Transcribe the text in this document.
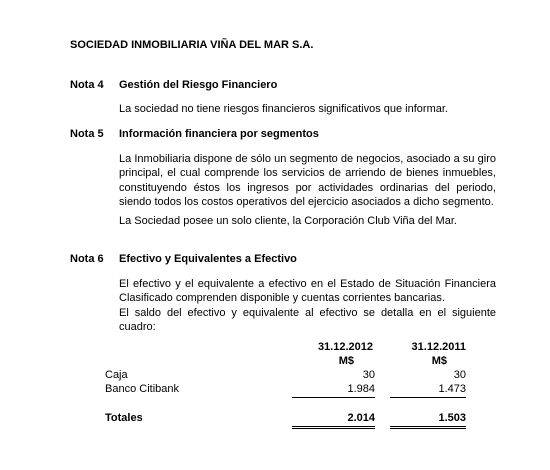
SOCIEDAD INMOBILIARIA VIÑA DEL MAR S.A.
Nota 4 Gestión del Riesgo Financiero
La sociedad no tiene riesgos financieros significativos que informar.
Nota 5 Información financiera por segmentos
La Inmobiliaria dispone de sólo un segmento de negocios, asociado a su giro
principal, el cual comprende los servicios de arriendo de bienes inmuebles,
constituyendo éstos los ingresos por actividades ordinarias del periodo,
siendo todos los costos operativos del ejercicio asociados a dicho segmento.
La Sociedad posee un solo cliente, la Corporación Club Viña del Mar.
Nota 6 Efectivo y Equivalentes a Efectivo
El efectivo y el equivalente a efectivo en el Estado de Situación Financiera
Clasificado comprenden disponible y cuentas corrientes bancarias.
El saldo del efectivo y equivalente al efectivo se detalla en el siguiente
cuadro:
31.12.2012	31.12.2011
M$	M$
Caja	30	30
Banco Citibank	1.984	1.473
Totales	2.014	1.503
